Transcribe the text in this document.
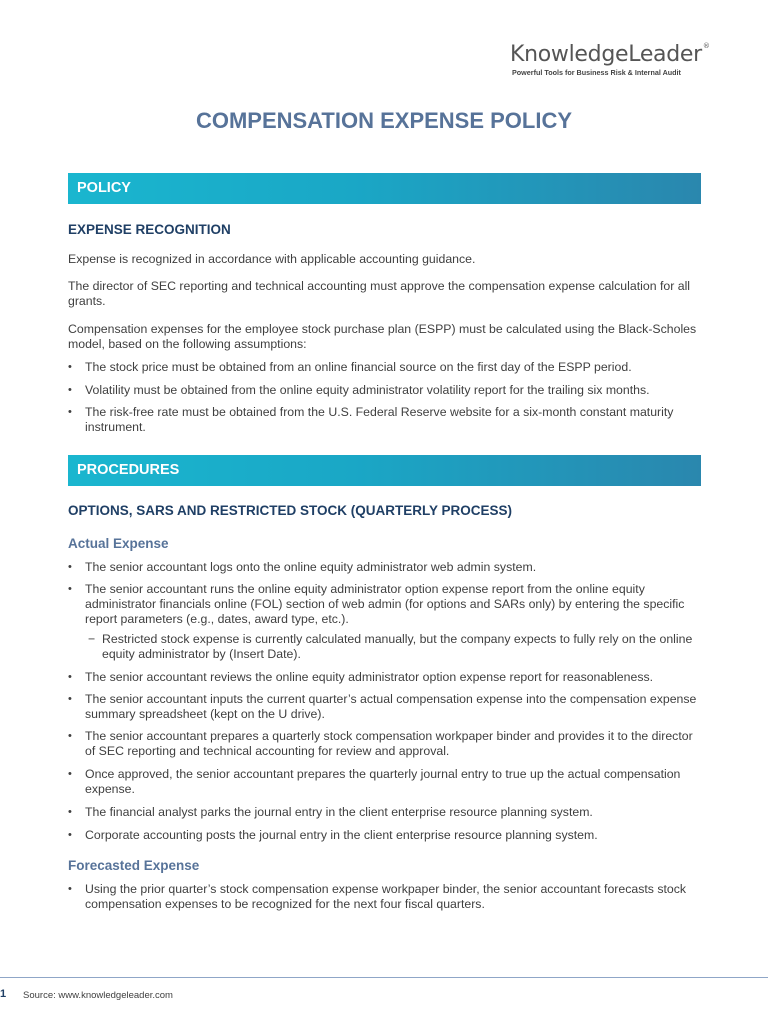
KnowledgeLeader®
Powerful Tools for Business Risk & Internal Audit
COMPENSATION EXPENSE POLICY
POLICY
EXPENSE RECOGNITION
Expense is recognized in accordance with applicable accounting guidance.
The director of SEC reporting and technical accounting must approve the compensation expense calculation for all grants.
Compensation expenses for the employee stock purchase plan (ESPP) must be calculated using the Black-Scholes model, based on the following assumptions:
• The stock price must be obtained from an online financial source on the first day of the ESPP period.
• Volatility must be obtained from the online equity administrator volatility report for the trailing six months.
• The risk-free rate must be obtained from the U.S. Federal Reserve website for a six-month constant maturity instrument.
PROCEDURES
OPTIONS, SARS AND RESTRICTED STOCK (QUARTERLY PROCESS)
Actual Expense
• The senior accountant logs onto the online equity administrator web admin system.
• The senior accountant runs the online equity administrator option expense report from the online equity administrator financials online (FOL) section of web admin (for options and SARs only) by entering the specific report parameters (e.g., dates, award type, etc.).
− Restricted stock expense is currently calculated manually, but the company expects to fully rely on the online equity administrator by (Insert Date).
• The senior accountant reviews the online equity administrator option expense report for reasonableness.
• The senior accountant inputs the current quarter’s actual compensation expense into the compensation expense summary spreadsheet (kept on the U drive).
• The senior accountant prepares a quarterly stock compensation workpaper binder and provides it to the director of SEC reporting and technical accounting for review and approval.
• Once approved, the senior accountant prepares the quarterly journal entry to true up the actual compensation expense.
• The financial analyst parks the journal entry in the client enterprise resource planning system.
• Corporate accounting posts the journal entry in the client enterprise resource planning system.
Forecasted Expense
• Using the prior quarter’s stock compensation expense workpaper binder, the senior accountant forecasts stock compensation expenses to be recognized for the next four fiscal quarters.
1 Source: www.knowledgeleader.com
